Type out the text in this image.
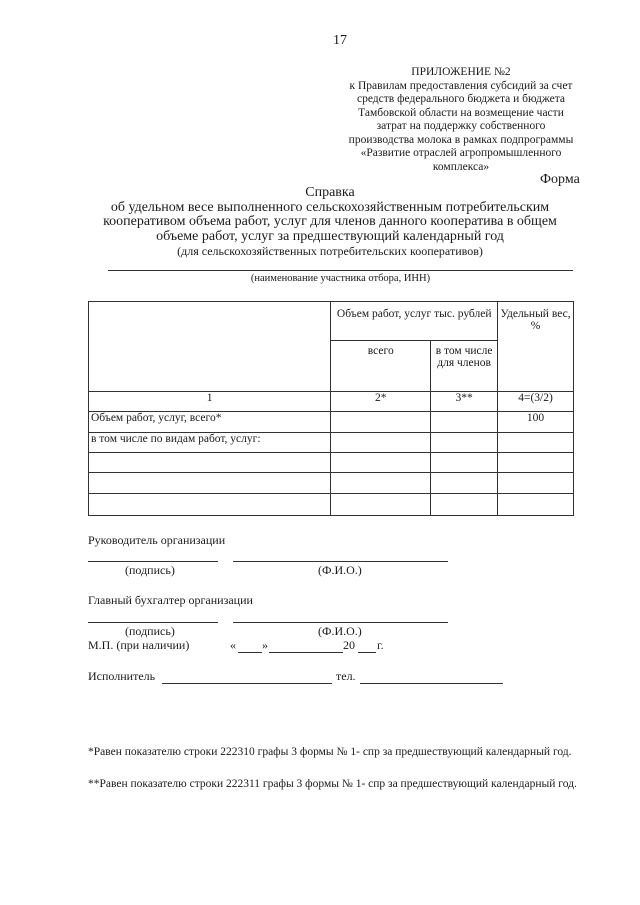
17
ПРИЛОЖЕНИЕ №2
к Правилам предоставления субсидий за счет
средств федерального бюджета и бюджета
Тамбовской области на возмещение части
затрат на поддержку собственного
производства молока в рамках подпрограммы
«Развитие отраслей агропромышленного
комплекса»
Форма
Справка
об удельном весе выполненного сельскохозяйственным потребительским
кооперативом объема работ, услуг для членов данного кооператива в общем
объеме работ, услуг за предшествующий календарный год
(для сельскохозяйственных потребительских кооперативов)
(наименование участника отбора, ИНН)
	Объем работ, услуг тыс. рублей		Удельный вес, %
	всего	в том числе для членов	
1	2*	3**	4=(3/2)
Объем работ, услуг, всего*			100
в том числе по видам работ, услуг:			

Руководитель организации
(подпись)	(Ф.И.О.)
Главный бухгалтер организации
(подпись)	(Ф.И.О.)
М.П. (при наличии)	« »	20 г.
Исполнитель	тел.
*Равен показателю строки 222310 графы 3 формы № 1- спр за предшествующий календарный год.
**Равен показателю строки 222311 графы 3 формы № 1- спр за предшествующий календарный год.
